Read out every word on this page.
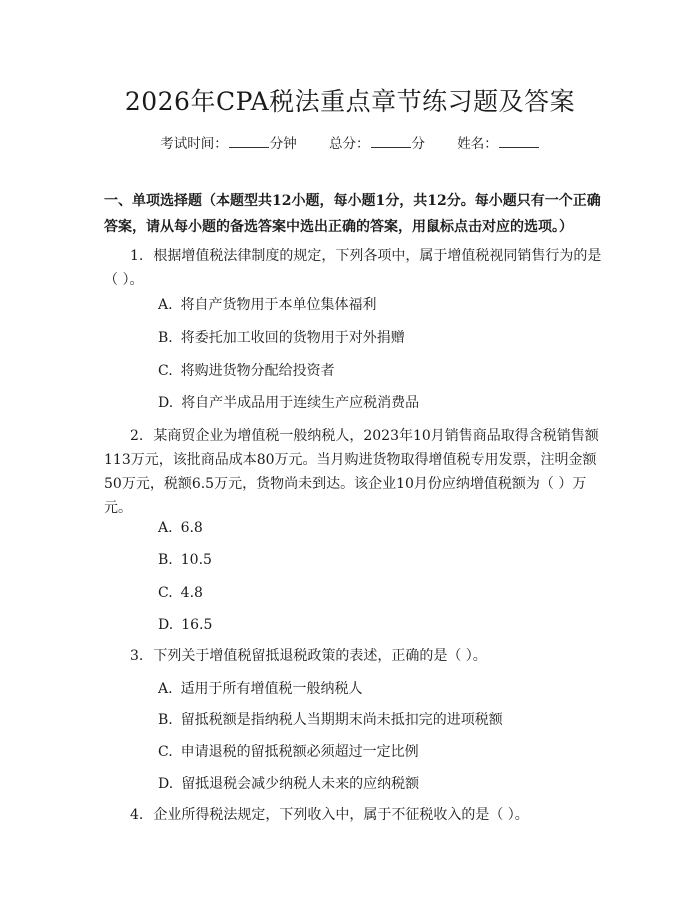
2026年CPA税法重点章节练习题及答案
考试时间：	分钟 总分：	分 姓名：
一、单项选择题（本题型共12小题，每小题1分，共12分。每小题只有一个正确答案，请从每小题的备选答案中选出正确的答案，用鼠标点击对应的选项。）
1. 根据增值税法律制度的规定，下列各项中，属于增值税视同销售行为的是（ ）。
A. 将自产货物用于本单位集体福利
B. 将委托加工收回的货物用于对外捐赠
C. 将购进货物分配给投资者
D. 将自产半成品用于连续生产应税消费品
2. 某商贸企业为增值税一般纳税人，2023年10月销售商品取得含税销售额113万元，该批商品成本80万元。当月购进货物取得增值税专用发票，注明金额50万元，税额6.5万元，货物尚未到达。该企业10月份应纳增值税额为（ ）万元。
A. 6.8
B. 10.5
C. 4.8
D. 16.5
3. 下列关于增值税留抵退税政策的表述，正确的是（ ）。
A. 适用于所有增值税一般纳税人
B. 留抵税额是指纳税人当期期末尚未抵扣完的进项税额
C. 申请退税的留抵税额必须超过一定比例
D. 留抵退税会减少纳税人未来的应纳税额
4. 企业所得税法规定，下列收入中，属于不征税收入的是（ ）。
